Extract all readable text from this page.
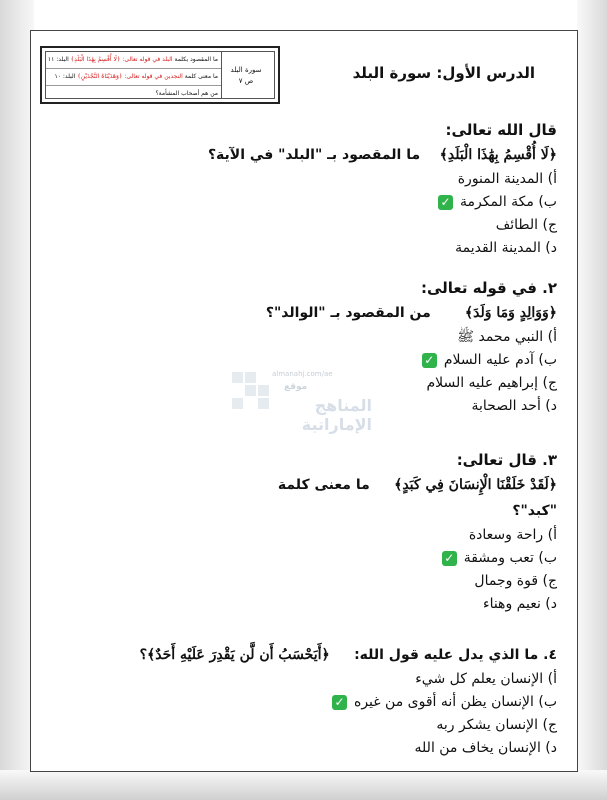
ما المقصود بكلمة البلد في قوله تعالى: ﴿لَا أُقْسِمُ بِهَٰذَا الْبَلَدِ﴾ البلد: ١١
ما معنى كلمة النجدين في قوله تعالى: ﴿وَهَدَيْنَاهُ النَّجْدَيْنِ﴾ البلد: ١٠
من هم أصحاب المشأمة؟
سورة البلد
ص ٧	الدرس الأول: سورة البلد
قال الله تعالى:
﴿لَا أُقْسِمُ بِهَٰذَا الْبَلَدِ﴾    ما المقصود بـ "البلد" في الآية؟
أ) المدينة المنورة
ب) مكة المكرمة
✓
ج) الطائف
د) المدينة القديمة
٢. في قوله تعالى:
﴿وَوَالِدٍ وَمَا وَلَدَ﴾       من المقصود بـ "الوالد"؟
أ) النبي محمد ﷺ
ب) آدم عليه السلام
✓
ج) إبراهيم عليه السلام
د) أحد الصحابة
almanahj.com/ae
موقع
المناهج الإماراتية
٣. قال تعالى:
﴿لَقَدْ خَلَقْنَا الْإِنسَانَ فِي كَبَدٍ﴾     ما معنى كلمة
"كبد"؟
أ) راحة وسعادة
ب) تعب ومشقة
✓
ج) قوة وجمال
د) نعيم وهناء
٤. ما الذي يدل عليه قول الله:     ﴿أَيَحْسَبُ أَن لَّن يَقْدِرَ عَلَيْهِ أَحَدٌ﴾؟
أ) الإنسان يعلم كل شيء
ب) الإنسان يظن أنه أقوى من غيره
✓
ج) الإنسان يشكر ربه
د) الإنسان يخاف من الله
